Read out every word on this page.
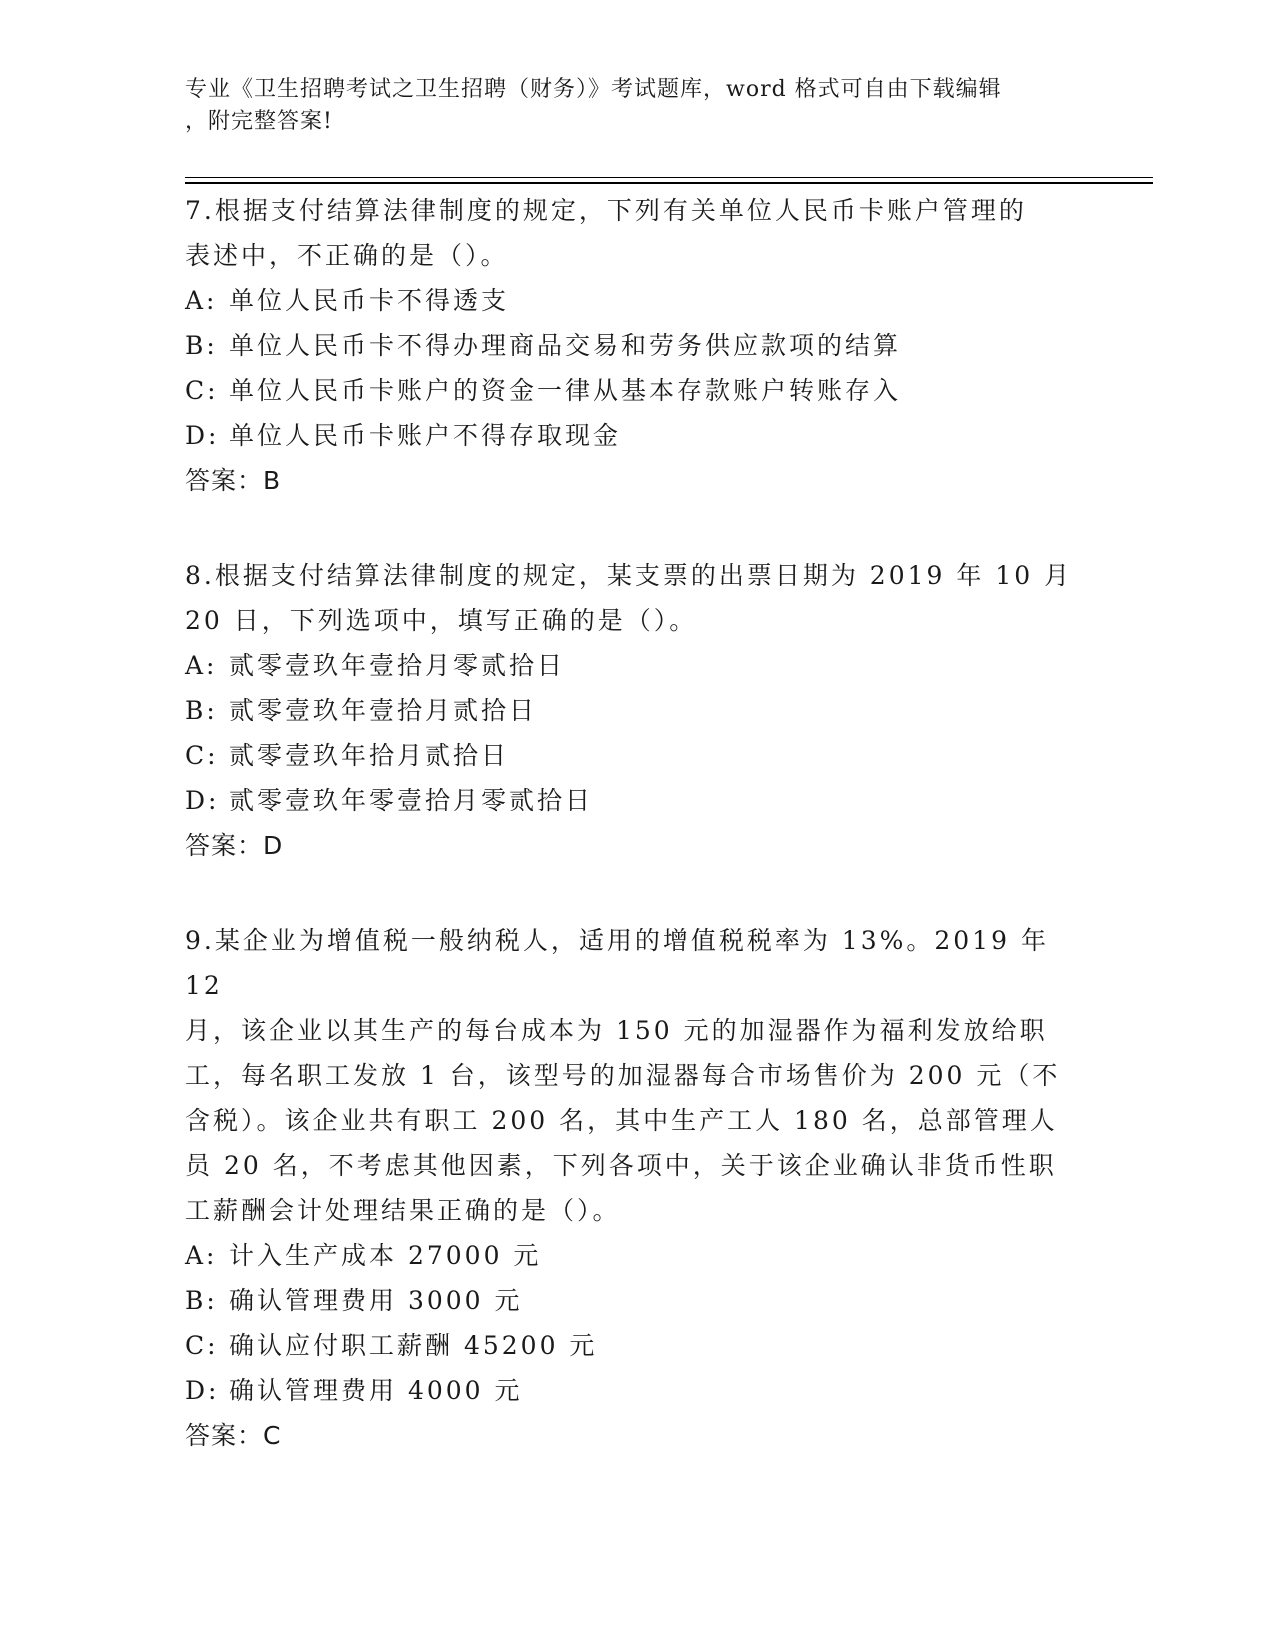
专业《卫生招聘考试之卫生招聘（财务）》考试题库，word 格式可自由下载编辑
，附完整答案!

7.根据支付结算法律制度的规定，下列有关单位人民币卡账户管理的

表述中，不正确的是（）。

A: 单位人民币卡不得透支

B: 单位人民币卡不得办理商品交易和劳务供应款项的结算

C: 单位人民币卡账户的资金一律从基本存款账户转账存入

D: 单位人民币卡账户不得存取现金

答案：B

8.根据支付结算法律制度的规定，某支票的出票日期为 2019 年 10 月

20 日，下列选项中，填写正确的是（）。

A: 贰零壹玖年壹拾月零贰拾日

B: 贰零壹玖年壹拾月贰拾日

C: 贰零壹玖年拾月贰拾日

D: 贰零壹玖年零壹拾月零贰拾日

答案：D

9.某企业为增值税一般纳税人，适用的增值税税率为 13%。2019 年 12

月，该企业以其生产的每台成本为 150 元的加湿器作为福利发放给职

工，每名职工发放 1 台，该型号的加湿器每合市场售价为 200 元（不

含税）。该企业共有职工 200 名，其中生产工人 180 名，总部管理人

员 20 名，不考虑其他因素，下列各项中，关于该企业确认非货币性职

工薪酬会计处理结果正确的是（）。

A: 计入生产成本 27000 元

B: 确认管理费用 3000 元

C: 确认应付职工薪酬 45200 元

D: 确认管理费用 4000 元

答案：C
